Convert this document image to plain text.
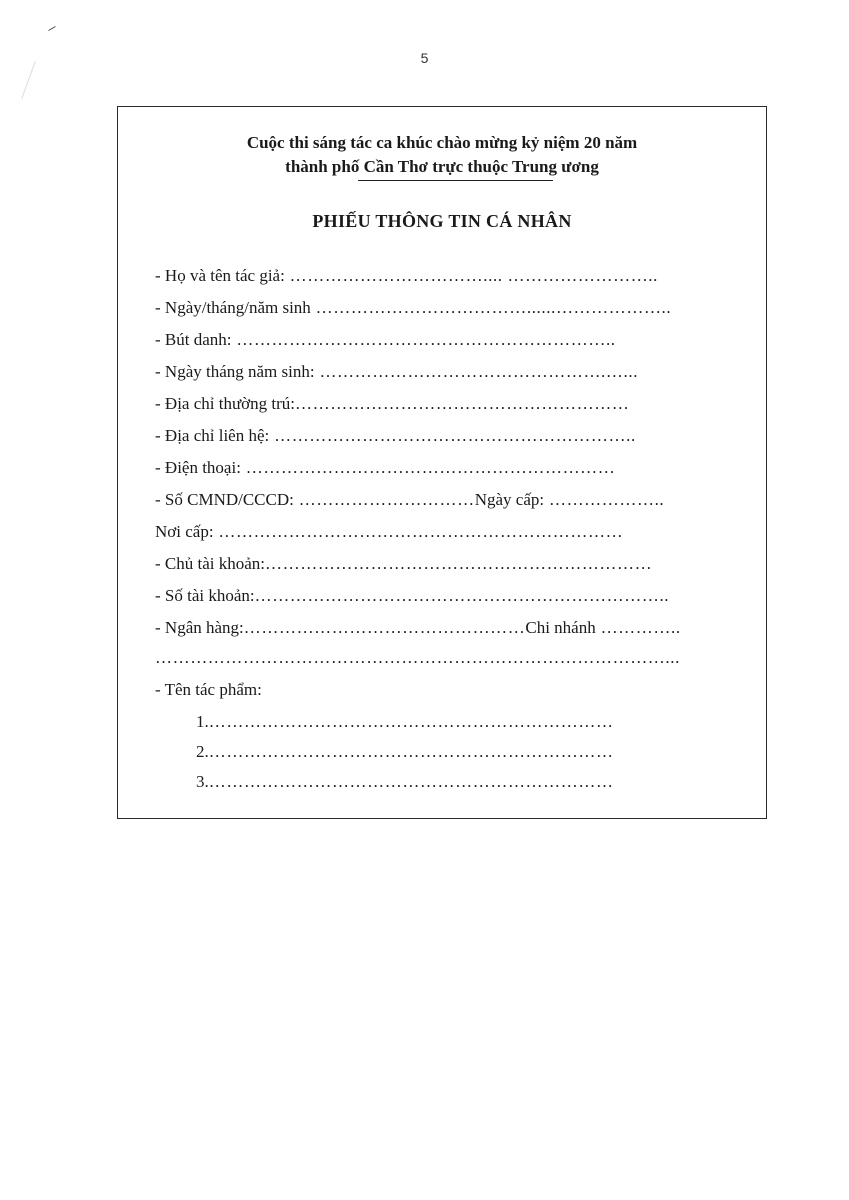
5
Cuộc thi sáng tác ca khúc chào mừng kỷ niệm 20 năm
thành phố Cần Thơ trực thuộc Trung ương
PHIẾU THÔNG TIN CÁ NHÂN
- Họ và tên tác giả: …………………………….... ……………………..
- Ngày/tháng/năm sinh ………………………………......………………..
- Bút danh: ………………………………………………………..
- Ngày tháng năm sinh: ………………………………………….…...
- Địa chỉ thường trú:…………………………………………………
- Địa chỉ liên hệ: ……………………………………………………..
- Điện thoại: ………………………………………………………
- Số CMND/CCCD: …………………………Ngày cấp: ………………..
Nơi cấp: ……………………………………………………………
- Chủ tài khoản:…………………………………………………………
- Số tài khoản:……………………………………………………………..
- Ngân hàng:…………………………………………Chi nhánh …………..
……………………………………………………………………………...
- Tên tác phẩm:
1.……………………………………………………………
2.……………………………………………………………
3.……………………………………………………………
